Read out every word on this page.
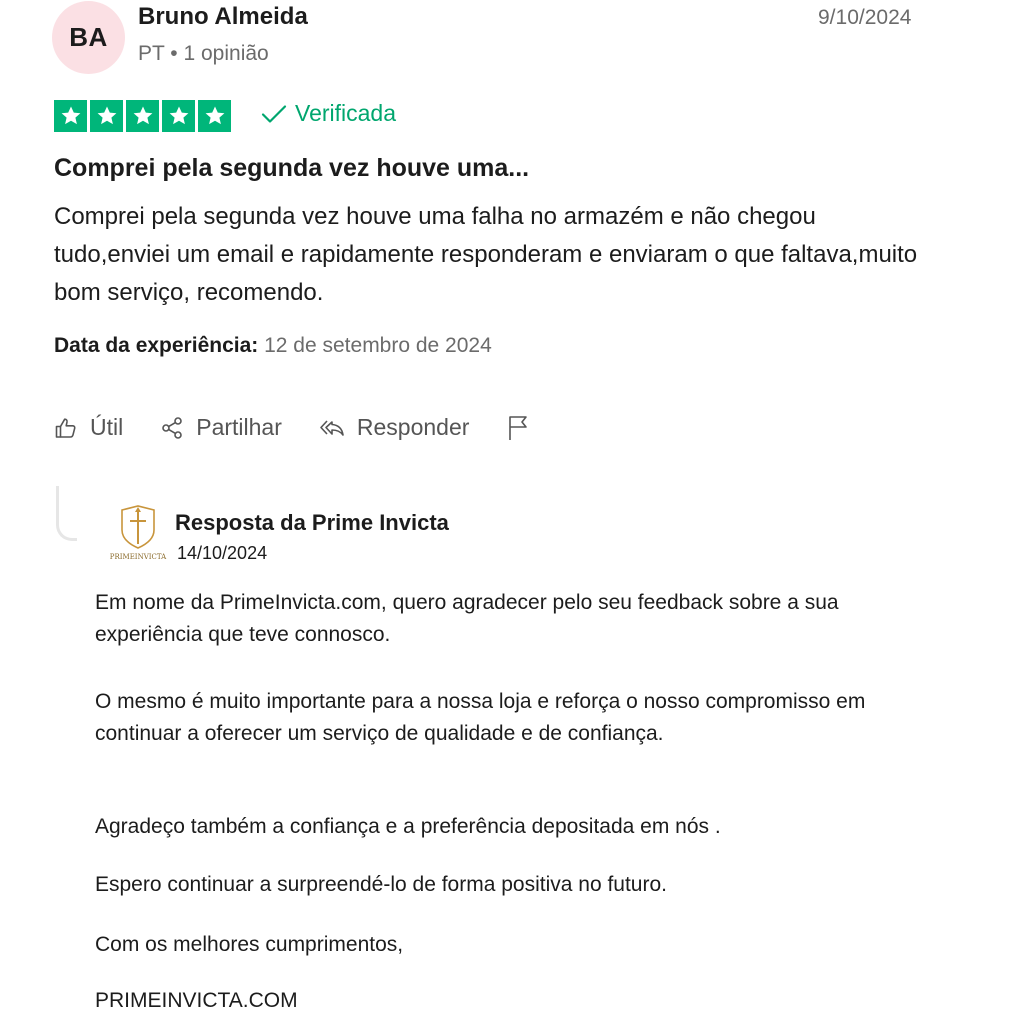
BA
Bruno Almeida
PT • 1 opinião
9/10/2024
Verificada
Comprei pela segunda vez houve uma...
Comprei pela segunda vez houve uma falha no armazém e não chegou tudo,enviei um email e rapidamente responderam e enviaram o que faltava,muito bom serviço, recomendo.
Data da experiência: 12 de setembro de 2024
Útil	Partilhar	Responder
PRIMEINVICTA
Resposta da Prime Invicta
14/10/2024
Em nome da PrimeInvicta.com, quero agradecer pelo seu feedback sobre a sua experiência que teve connosco.
O mesmo é muito importante para a nossa loja e reforça o nosso compromisso em continuar a oferecer um serviço de qualidade e de confiança.
Agradeço também a confiança e a preferência depositada em nós .
Espero continuar a surpreendé-lo de forma positiva no futuro.
Com os melhores cumprimentos,
PRIMEINVICTA.COM
